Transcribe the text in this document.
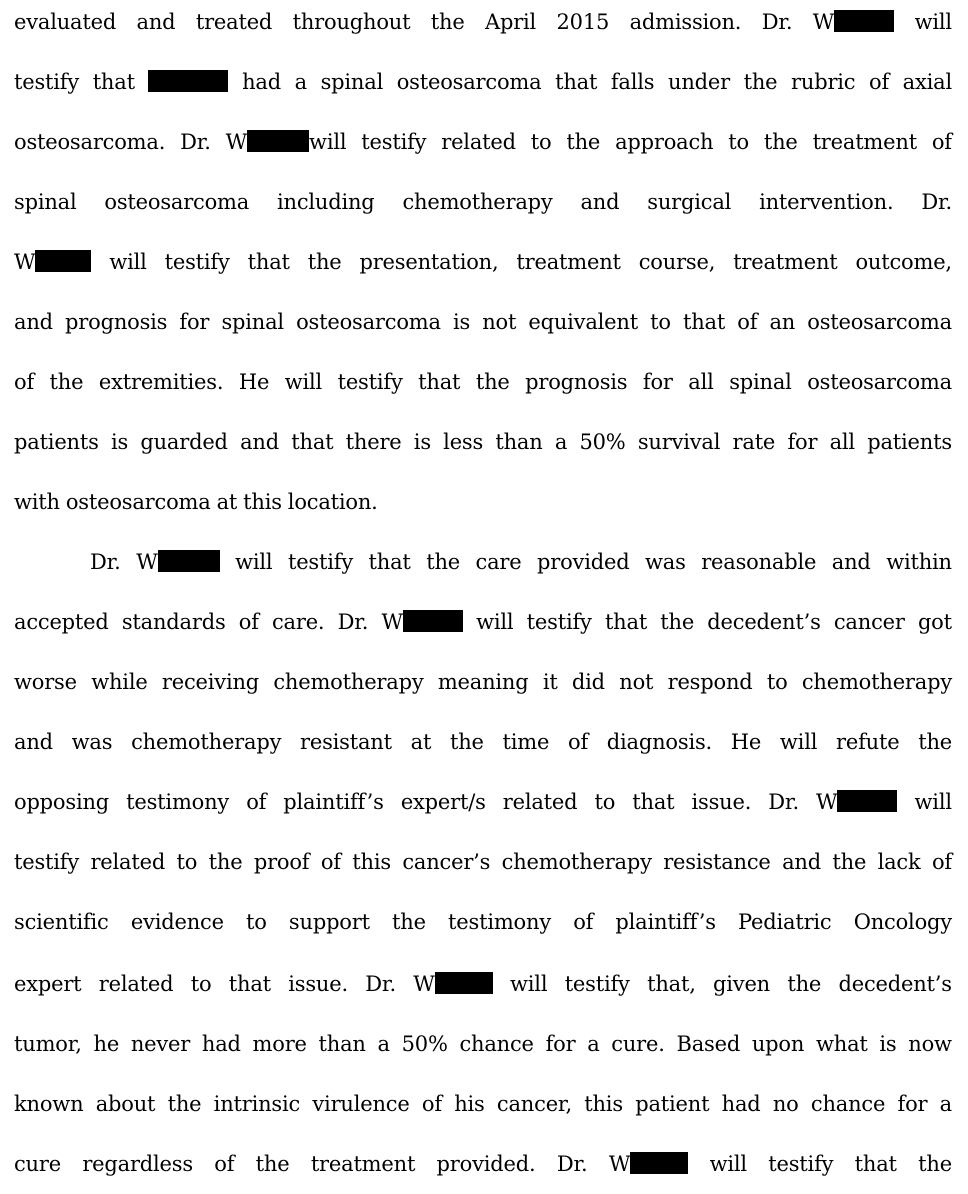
evaluated and treated throughout the April 2015 admission. Dr. W	will
testify that	had a spinal osteosarcoma that falls under the rubric of axial
osteosarcoma. Dr. W	will testify related to the approach to the treatment of
spinal osteosarcoma including chemotherapy and surgical intervention. Dr.
W	will testify that the presentation, treatment course, treatment outcome,
and prognosis for spinal osteosarcoma is not equivalent to that of an osteosarcoma
of the extremities. He will testify that the prognosis for all spinal osteosarcoma
patients is guarded and that there is less than a 50% survival rate for all patients
with osteosarcoma at this location.
Dr. W	will testify that the care provided was reasonable and within
accepted standards of care. Dr. W	will testify that the decedent’s cancer got
worse while receiving chemotherapy meaning it did not respond to chemotherapy
and was chemotherapy resistant at the time of diagnosis. He will refute the
opposing testimony of plaintiff’s expert/s related to that issue. Dr. W	will
testify related to the proof of this cancer’s chemotherapy resistance and the lack of
scientific evidence to support the testimony of plaintiff’s Pediatric Oncology
expert related to that issue. Dr. W	will testify that, given the decedent’s
tumor, he never had more than a 50% chance for a cure. Based upon what is now
known about the intrinsic virulence of his cancer, this patient had no chance for a
cure regardless of the treatment provided. Dr. W	will testify that the
